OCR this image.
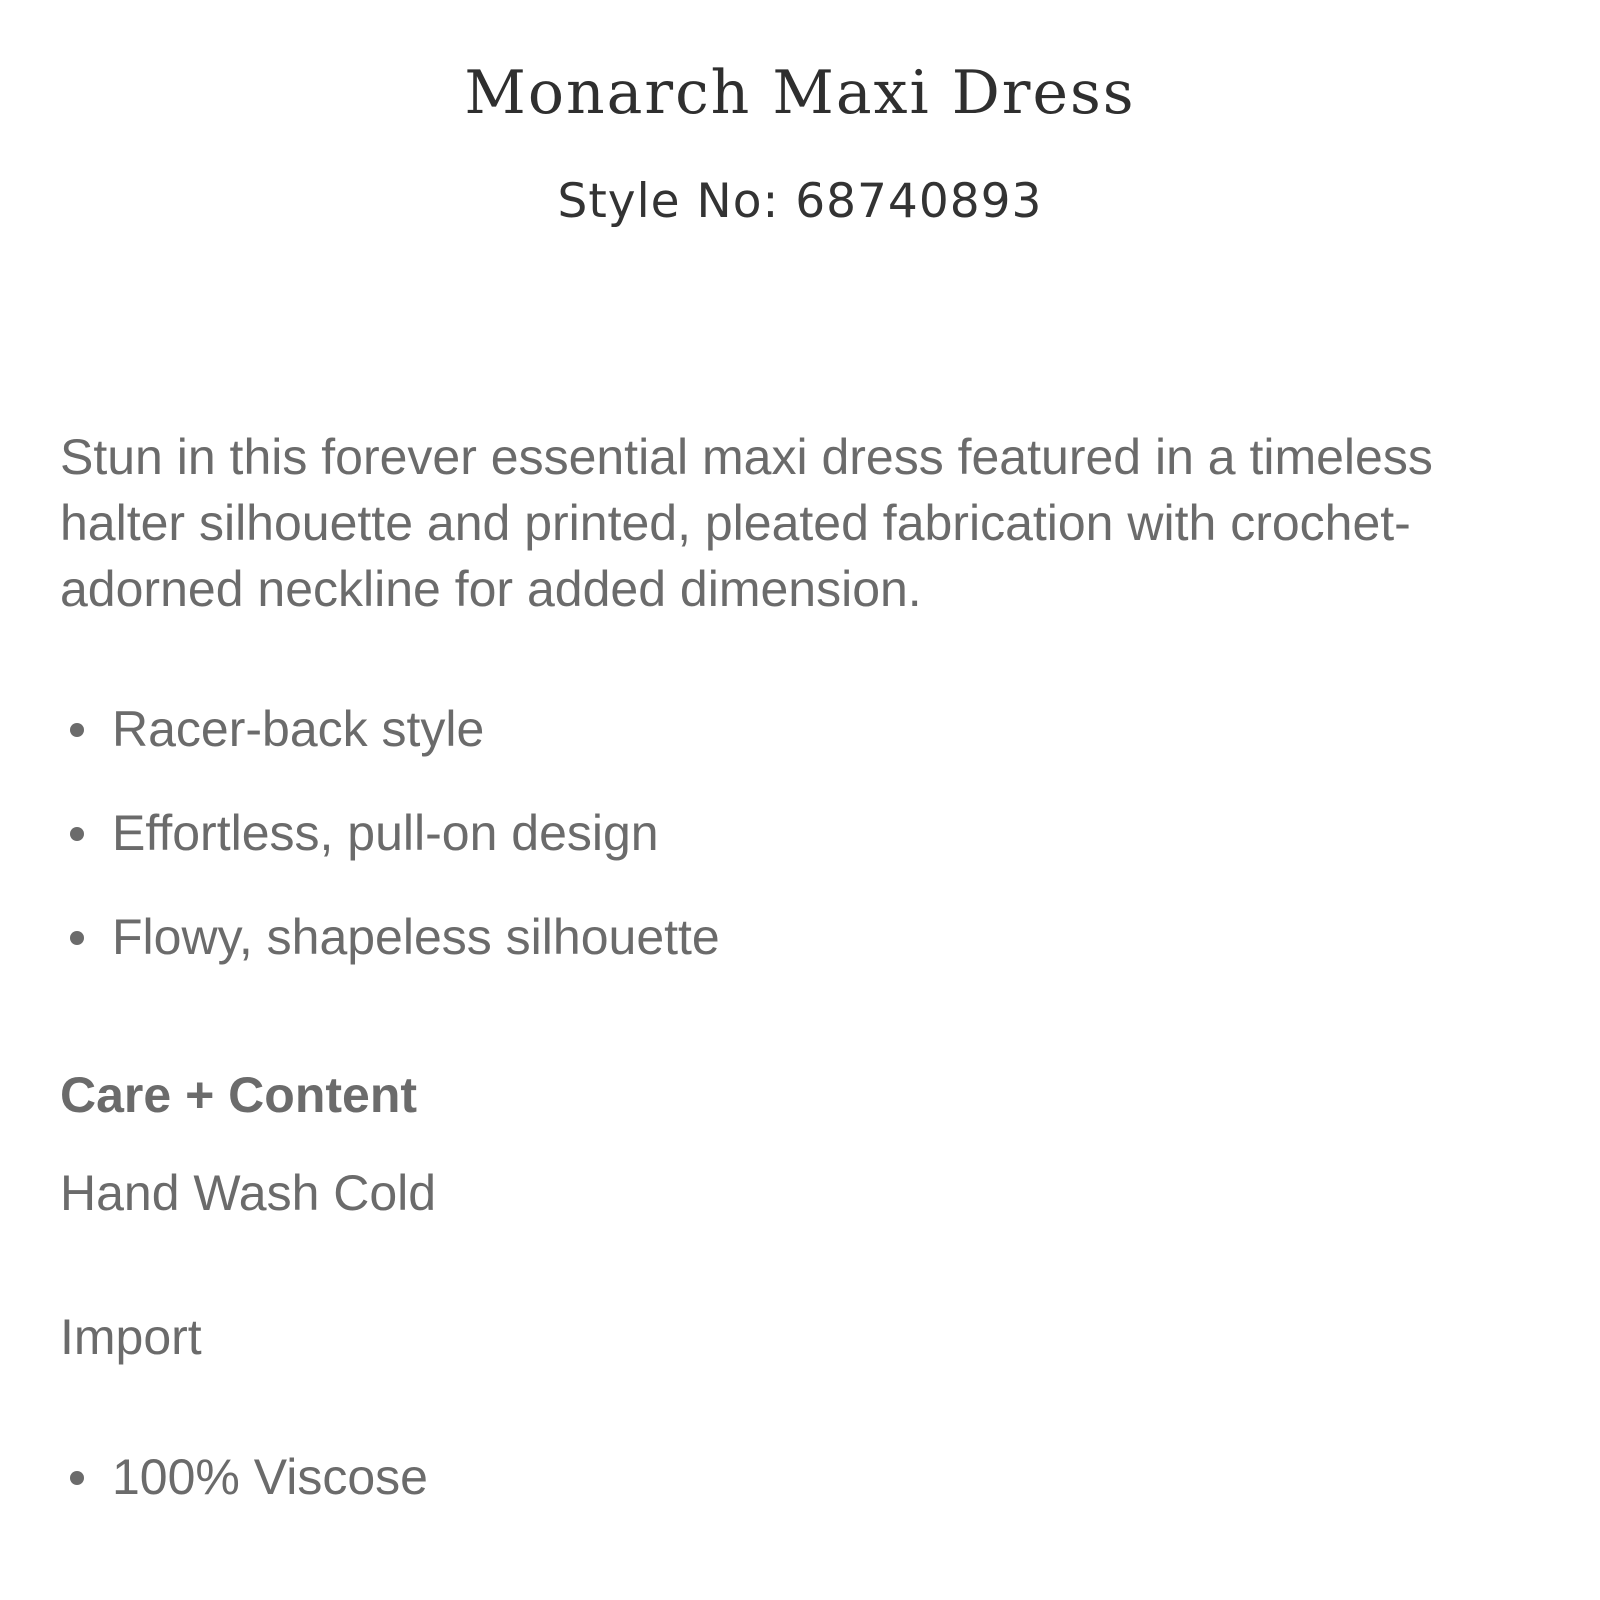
Monarch Maxi Dress
Style No: 68740893

Stun in this forever essential maxi dress featured in a timeless halter silhouette and printed, pleated fabrication with crochet-adorned neckline for added dimension.

Racer-back style
Effortless, pull-on design
Flowy, shapeless silhouette
Care + Content
Hand Wash Cold
Import
100% Viscose
